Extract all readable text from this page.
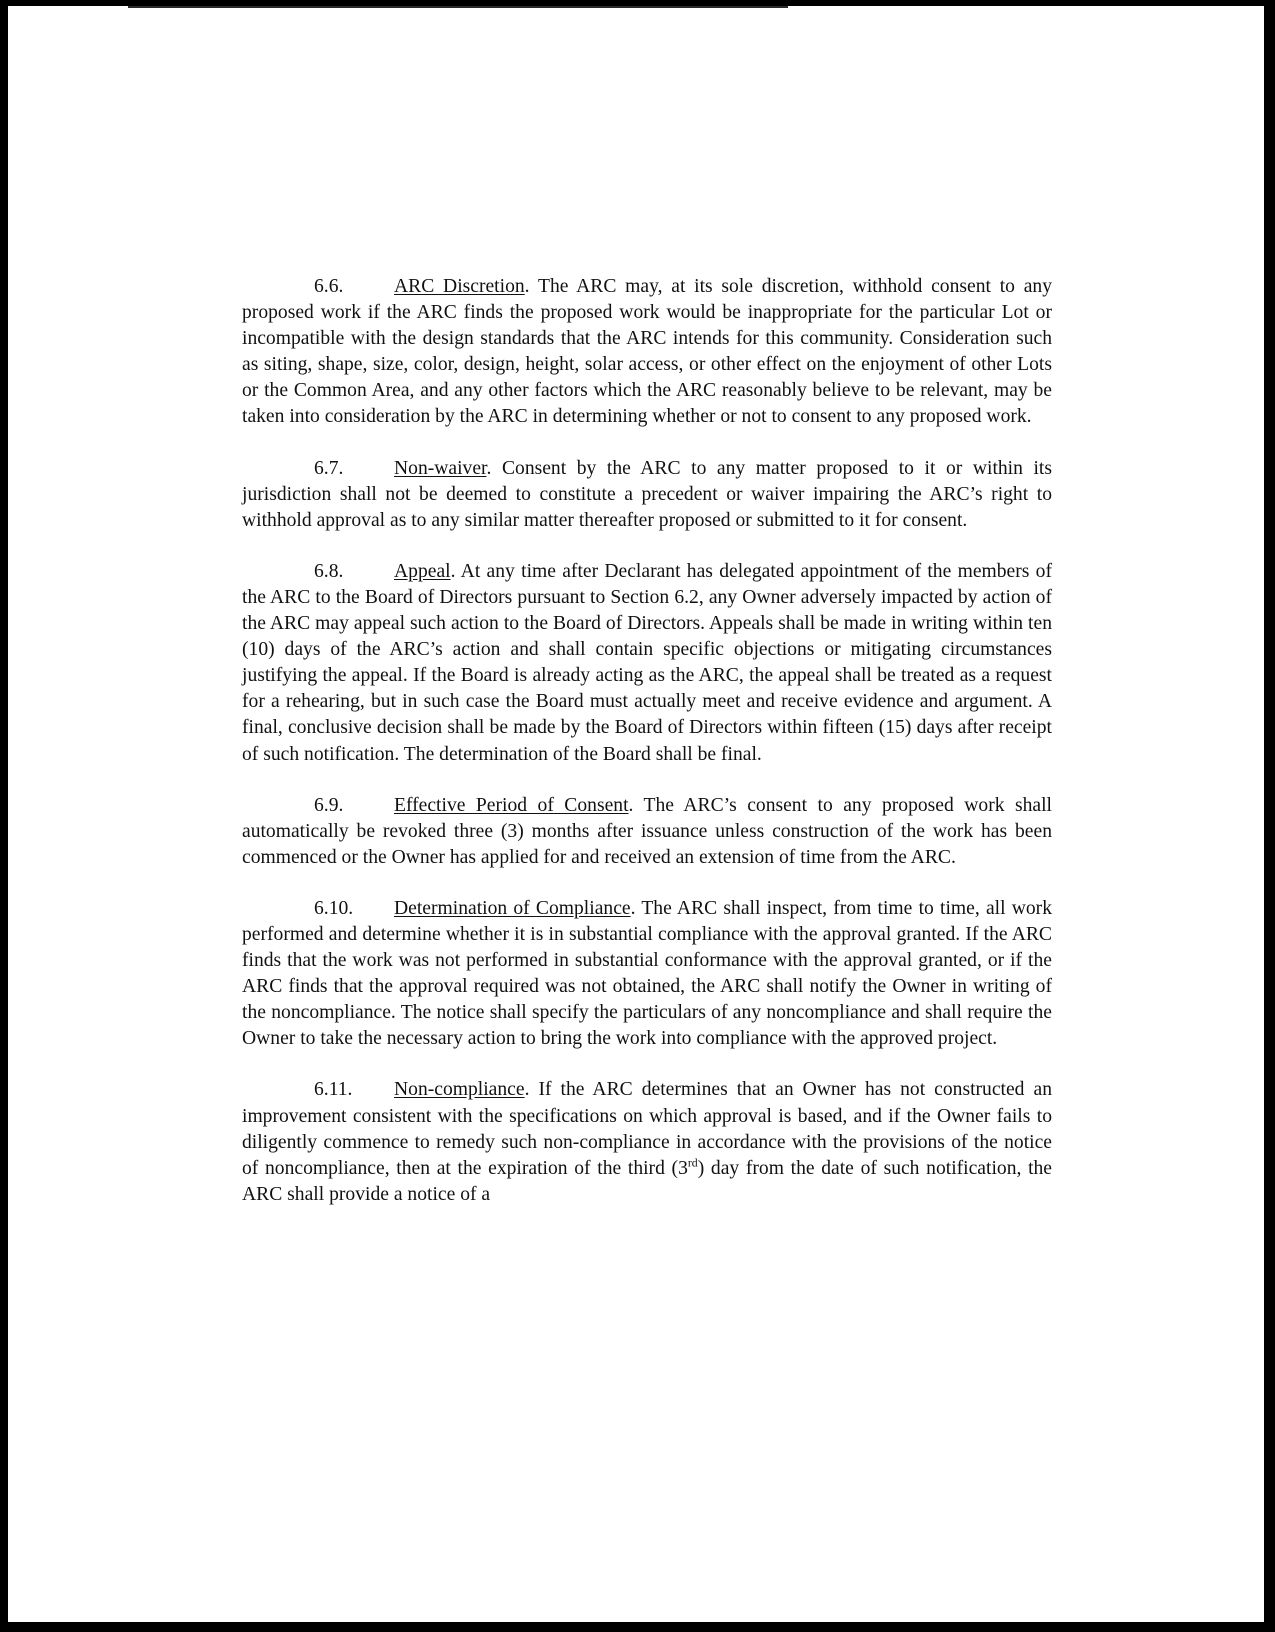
6.6.	ARC Discretion. The ARC may, at its sole discretion, withhold consent to any proposed work if the ARC finds the proposed work would be inappropriate for the particular Lot or incompatible with the design standards that the ARC intends for this community. Consideration such as siting, shape, size, color, design, height, solar access, or other effect on the enjoyment of other Lots or the Common Area, and any other factors which the ARC reasonably believe to be relevant, may be taken into consideration by the ARC in determining whether or not to consent to any proposed work.

6.7.	Non-waiver. Consent by the ARC to any matter proposed to it or within its jurisdiction shall not be deemed to constitute a precedent or waiver impairing the ARC’s right to withhold approval as to any similar matter thereafter proposed or submitted to it for consent.

6.8.	Appeal. At any time after Declarant has delegated appointment of the members of the ARC to the Board of Directors pursuant to Section 6.2, any Owner adversely impacted by action of the ARC may appeal such action to the Board of Directors. Appeals shall be made in writing within ten (10) days of the ARC’s action and shall contain specific objections or mitigating circumstances justifying the appeal. If the Board is already acting as the ARC, the appeal shall be treated as a request for a rehearing, but in such case the Board must actually meet and receive evidence and argument. A final, conclusive decision shall be made by the Board of Directors within fifteen (15) days after receipt of such notification. The determination of the Board shall be final.

6.9.	Effective Period of Consent. The ARC’s consent to any proposed work shall automatically be revoked three (3) months after issuance unless construction of the work has been commenced or the Owner has applied for and received an extension of time from the ARC.

6.10. Determination of Compliance. The ARC shall inspect, from time to time, all work performed and determine whether it is in substantial compliance with the approval granted. If the ARC finds that the work was not performed in substantial conformance with the approval granted, or if the ARC finds that the approval required was not obtained, the ARC shall notify the Owner in writing of the noncompliance. The notice shall specify the particulars of any noncompliance and shall require the Owner to take the necessary action to bring the work into compliance with the approved project.

6.11. Non-compliance. If the ARC determines that an Owner has not constructed an improvement consistent with the specifications on which approval is based, and if the Owner fails to diligently commence to remedy such non-compliance in accordance with the provisions of the notice of noncompliance, then at the expiration of the third (3rd) day from the date of such notification, the ARC shall provide a notice of a
